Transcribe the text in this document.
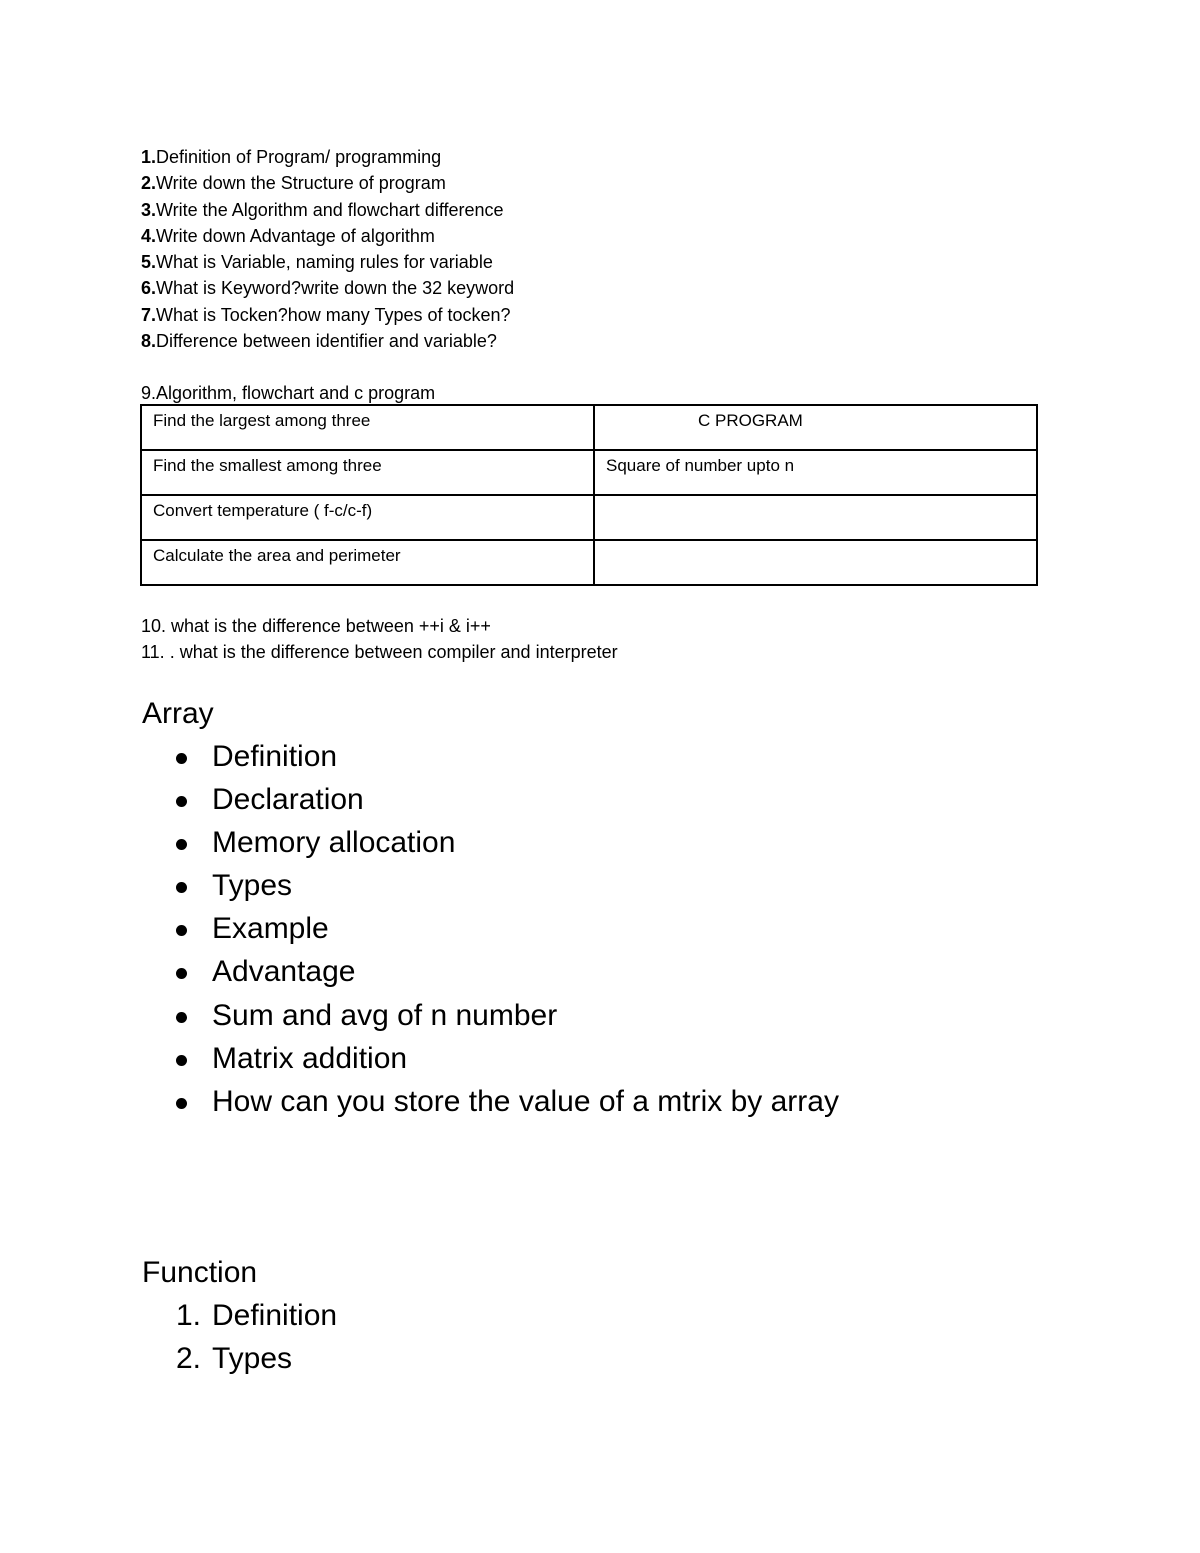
1.Definition of Program/ programming
2.Write down the Structure of program
3.Write the Algorithm and flowchart difference
4.Write down Advantage of algorithm
5.What is Variable, naming rules for variable
6.What is Keyword?write down the 32 keyword
7.What is Tocken?how many Types of tocken?
8.Difference between identifier and variable?
9.Algorithm, flowchart and c program
Find the largest among three	C PROGRAM
Find the smallest among three	Square of number upto n
Convert temperature ( f-c/c-f)	
Calculate the area and perimeter	
10. what is the difference between ++i & i++
11. . what is the difference between compiler and interpreter
Array
Definition
Declaration
Memory allocation
Types
Example
Advantage
Sum and avg of n number
Matrix addition
How can you store the value of a mtrix by array
Function
1. Definition
2. Types
